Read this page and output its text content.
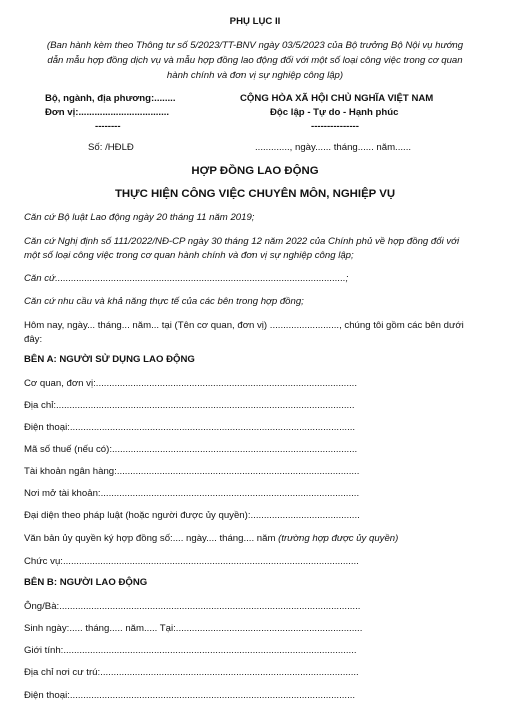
PHỤ LỤC II
(Ban hành kèm theo Thông tư số 5/2023/TT-BNV ngày 03/5/2023 của Bộ trưởng Bộ Nội vụ hướng
dẫn mẫu hợp đồng dịch vụ và mẫu hợp đồng lao động đối với một số loại công việc trong cơ quan
hành chính và đơn vị sự nghiệp công lập)
Bộ, ngành, địa phương:........
Đơn vị:..................................
--------
Số: /HĐLĐ
CỘNG HÒA XÃ HỘI CHỦ NGHĨA VIỆT NAM
Độc lập - Tự do - Hạnh phúc
---------------
............., ngày...... tháng...... năm......
HỢP ĐỒNG LAO ĐỘNG
THỰC HIỆN CÔNG VIỆC CHUYÊN MÔN, NGHIỆP VỤ
Căn cứ Bộ luật Lao động ngày 20 tháng 11 năm 2019;
Căn cứ Nghị định số 111/2022/NĐ-CP ngày 30 tháng 12 năm 2022 của Chính phủ về hợp đồng đối với
một số loại công việc trong cơ quan hành chính và đơn vị sự nghiệp công lập;
Căn cứ.............................................................................................................;
Căn cứ nhu cầu và khả năng thực tế của các bên trong hợp đồng;
Hôm nay, ngày... tháng... năm... tại (Tên cơ quan, đơn vị) .........................., chúng tôi gồm các bên dưới
đây:
BÊN A: NGƯỜI SỬ DỤNG LAO ĐỘNG
Cơ quan, đơn vị:..................................................................................................
Địa chỉ:................................................................................................................
Điện thoại:...........................................................................................................
Mã số thuế (nếu có):............................................................................................
Tài khoản ngân hàng:...........................................................................................
Nơi mở tài khoản:.................................................................................................
Đại diện theo pháp luật (hoặc người được ủy quyền):.........................................
Văn bản ủy quyền ký hợp đồng số:.... ngày.... tháng.... năm (trường hợp được ủy quyền)
Chức vụ:...............................................................................................................
BÊN B: NGƯỜI LAO ĐỘNG
Ông/Bà:.................................................................................................................
Sinh ngày:..... tháng..... năm..... Tại:......................................................................
Giới tính:..............................................................................................................
Địa chỉ nơi cư trú:.................................................................................................
Điện thoại:...........................................................................................................
